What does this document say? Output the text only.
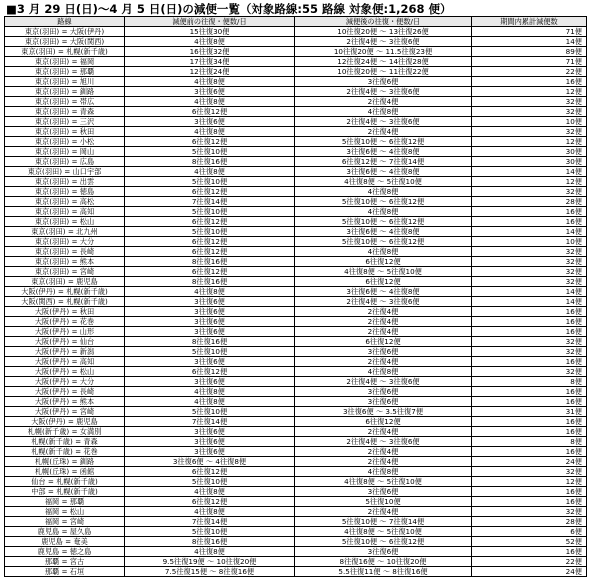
■3 月 29 日(日)～4 月 5 日(日)の減便一覧（対象路線:55 路線 対象便:1,268 便）
路線	減便前の往復・便数/日	減便後の往復・便数/日	期間内累計減便数
東京(羽田) = 大阪(伊丹)	15往復30便	10往復20便 ～ 13往復26便	71便
東京(羽田) = 大阪(関西)	4往復8便	2往復4便 ～ 3往復6便	14便
東京(羽田) = 札幌(新千歳)	16往復32便	10往復20便 ～ 11.5往復23便	89便
東京(羽田) = 福岡	17往復34便	12往復24便 ～ 14往復28便	71便
東京(羽田) = 那覇	12往復24便	10往復20便 ～ 11往復22便	22便
東京(羽田) = 旭川	4往復8便	3往復6便	16便
東京(羽田) = 釧路	3往復6便	2往復4便 ～ 3往復6便	12便
東京(羽田) = 帯広	4往復8便	2往復4便	32便
東京(羽田) = 青森	6往復12便	4往復8便	32便
東京(羽田) = 三沢	3往復6便	2往復4便 ～ 3往復6便	10便
東京(羽田) = 秋田	4往復8便	2往復4便	32便
東京(羽田) = 小松	6往復12便	5往復10便 ～ 6往復12便	12便
東京(羽田) = 岡山	5往復10便	3往復6便 ～ 4往復8便	30便
東京(羽田) = 広島	8往復16便	6往復12便 ～ 7往復14便	30便
東京(羽田) = 山口宇部	4往復8便	3往復6便 ～ 4往復8便	14便
東京(羽田) = 出雲	5往復10便	4往復8便 ～ 5往復10便	12便
東京(羽田) = 徳島	6往復12便	4往復8便	32便
東京(羽田) = 高松	7往復14便	5往復10便 ～ 6往復12便	28便
東京(羽田) = 高知	5往復10便	4往復8便	16便
東京(羽田) = 松山	6往復12便	5往復10便 ～ 6往復12便	16便
東京(羽田) = 北九州	5往復10便	3往復6便 ～ 4往復8便	14便
東京(羽田) = 大分	6往復12便	5往復10便 ～ 6往復12便	10便
東京(羽田) = 長崎	6往復12便	4往復8便	32便
東京(羽田) = 熊本	8往復16便	6往復12便	32便
東京(羽田) = 宮崎	6往復12便	4往復8便 ～ 5往復10便	32便
東京(羽田) = 鹿児島	8往復16便	6往復12便	32便
大阪(伊丹) = 札幌(新千歳)	4往復8便	3往復6便 ～ 4往復8便	14便
大阪(関西) = 札幌(新千歳)	3往復6便	2往復4便 ～ 3往復6便	14便
大阪(伊丹) = 秋田	3往復6便	2往復4便	16便
大阪(伊丹) = 花巻	3往復6便	2往復4便	16便
大阪(伊丹) = 山形	3往復6便	2往復4便	16便
大阪(伊丹) = 仙台	8往復16便	6往復12便	32便
大阪(伊丹) = 新潟	5往復10便	3往復6便	32便
大阪(伊丹) = 高知	3往復6便	2往復4便	16便
大阪(伊丹) = 松山	6往復12便	4往復8便	32便
大阪(伊丹) = 大分	3往復6便	2往復4便 ～ 3往復6便	8便
大阪(伊丹) = 長崎	4往復8便	3往復6便	16便
大阪(伊丹) = 熊本	4往復8便	3往復6便	16便
大阪(伊丹) = 宮崎	5往復10便	3往復6便 ～ 3.5往復7便	31便
大阪(伊丹) = 鹿児島	7往復14便	6往復12便	16便
札幌(新千歳) = 女満別	3往復6便	2往復4便	16便
札幌(新千歳) = 青森	3往復6便	2往復4便 ～ 3往復6便	8便
札幌(新千歳) = 花巻	3往復6便	2往復4便	16便
札幌(丘珠) = 釧路	3往復6便 ～ 4往復8便	2往復4便	24便
札幌(丘珠) = 函館	6往復12便	4往復8便	32便
仙台 = 札幌(新千歳)	5往復10便	4往復8便 ～ 5往復10便	12便
中部 = 札幌(新千歳)	4往復8便	3往復6便	16便
福岡 = 那覇	6往復12便	5往復10便	16便
福岡 = 松山	4往復8便	2往復4便	32便
福岡 = 宮崎	7往復14便	5往復10便 ～ 7往復14便	28便
鹿児島 = 屋久島	5往復10便	4往復8便 ～ 5往復10便	6便
鹿児島 = 奄美	8往復16便	5往復10便 ～ 6往復12便	52便
鹿児島 = 徳之島	4往復8便	3往復6便	16便
那覇 = 宮古	9.5往復19便 ～ 10往復20便	8往復16便 ～ 10往復20便	22便
那覇 = 石垣	7.5往復15便 ～ 8往復16便	5.5往復11便 ～ 8往復16便	24便
